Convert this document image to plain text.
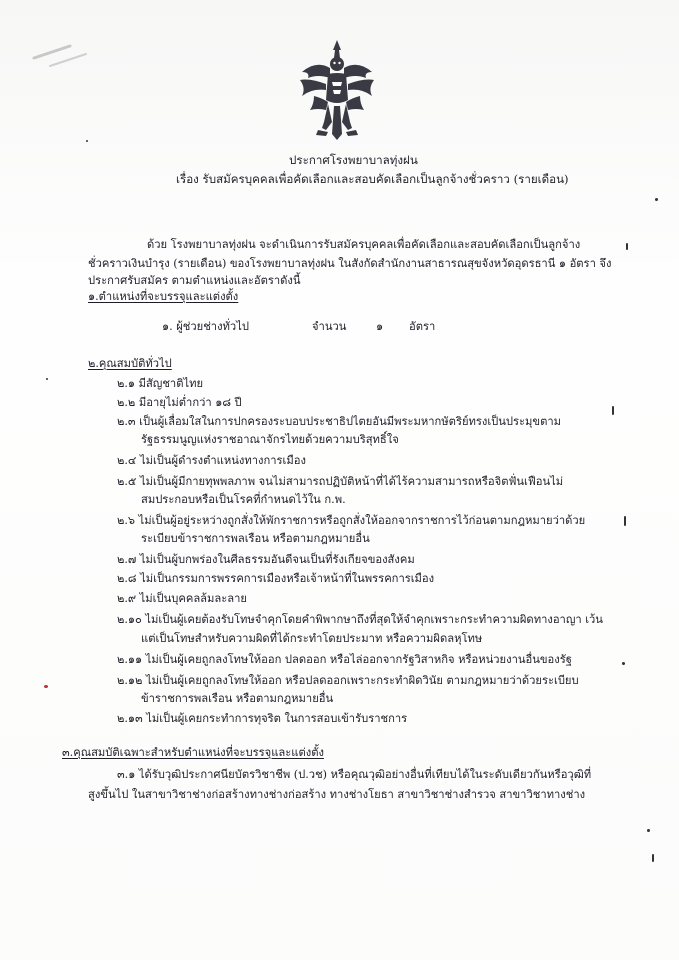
ประกาศโรงพยาบาลทุ่งฝน
เรื่อง รับสมัครบุคคลเพื่อคัดเลือกและสอบคัดเลือกเป็นลูกจ้างชั่วคราว (รายเดือน)
ด้วย โรงพยาบาลทุ่งฝน จะดำเนินการรับสมัครบุคคลเพื่อคัดเลือกและสอบคัดเลือกเป็นลูกจ้าง
ชั่วคราวเงินบำรุง (รายเดือน) ของโรงพยาบาลทุ่งฝน ในสังกัดสำนักงานสาธารณสุขจังหวัดอุดรธานี ๑ อัตรา จึง
ประกาศรับสมัคร ตามตำแหน่งและอัตราดังนี้
๑.ตำแหน่งที่จะบรรจุและแต่งตั้ง
๑. ผู้ช่วยช่างทั่วไป	จำนวน	๑ อัตรา
๒.คุณสมบัติทั่วไป
๒.๑ มีสัญชาติไทย
๒.๒ มีอายุไม่ต่ำกว่า ๑๘ ปี
๒.๓ เป็นผู้เลื่อมใสในการปกครองระบอบประชาธิปไตยอันมีพระมหากษัตริย์ทรงเป็นประมุขตาม
รัฐธรรมนูญแห่งราชอาณาจักรไทยด้วยความบริสุทธิ์ใจ
๒.๔ ไม่เป็นผู้ดำรงตำแหน่งทางการเมือง
๒.๕ ไม่เป็นผู้มีกายทุพพลภาพ จนไม่สามารถปฏิบัติหน้าที่ได้ไร้ความสามารถหรือจิตฟั่นเฟือนไม่
สมประกอบหรือเป็นโรคที่กำหนดไว้ใน ก.พ.
๒.๖ ไม่เป็นผู้อยู่ระหว่างถูกสั่งให้พักราชการหรือถูกสั่งให้ออกจากราชการไว้ก่อนตามกฎหมายว่าด้วย
ระเบียบข้าราชการพลเรือน หรือตามกฎหมายอื่น
๒.๗ ไม่เป็นผู้บกพร่องในศีลธรรมอันดีจนเป็นที่รังเกียจของสังคม
๒.๘ ไม่เป็นกรรมการพรรคการเมืองหรือเจ้าหน้าที่ในพรรคการเมือง
๒.๙ ไม่เป็นบุคคลล้มละลาย
๒.๑๐ ไม่เป็นผู้เคยต้องรับโทษจำคุกโดยคำพิพากษาถึงที่สุดให้จำคุกเพราะกระทำความผิดทางอาญา เว้น
แต่เป็นโทษสำหรับความผิดที่ได้กระทำโดยประมาท หรือความผิดลหุโทษ
๒.๑๑ ไม่เป็นผู้เคยถูกลงโทษให้ออก ปลดออก หรือไล่ออกจากรัฐวิสาหกิจ หรือหน่วยงานอื่นของรัฐ
๒.๑๒ ไม่เป็นผู้เคยถูกลงโทษให้ออก หรือปลดออกเพราะกระทำผิดวินัย ตามกฎหมายว่าด้วยระเบียบ
ข้าราชการพลเรือน หรือตามกฎหมายอื่น
๒.๑๓ ไม่เป็นผู้เคยกระทำการทุจริต ในการสอบเข้ารับราชการ
๓.คุณสมบัติเฉพาะสำหรับตำแหน่งที่จะบรรจุและแต่งตั้ง
๓.๑ ได้รับวุฒิประกาศนียบัตรวิชาชีพ (ป.วช) หรือคุณวุฒิอย่างอื่นที่เทียบได้ในระดับเดียวกันหรือวุฒิที่
สูงขึ้นไป ในสาขาวิชาช่างก่อสร้างทางช่างก่อสร้าง ทางช่างโยธา สาขาวิชาช่างสำรวจ สาขาวิชาทางช่าง
